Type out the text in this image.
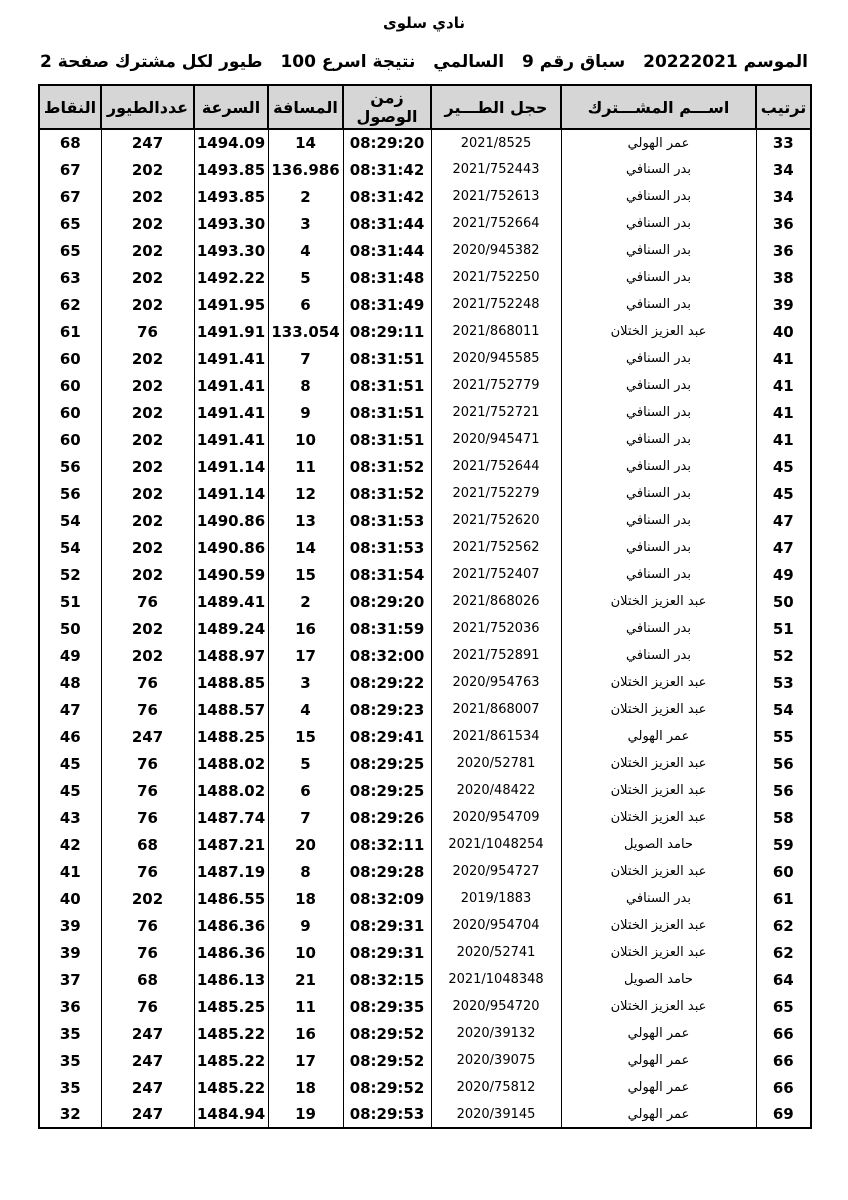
نادي سلوى
الموسم 20222021
سباق رقم 9
السالمي
نتيجة اسرع 100
طيور لكل مشترك صفحة 2
ترتيب	اســـم المشـــترك	حجل الطـــير	زمن الوصول	المسافة	السرعة	عددالطيور	النقاط
33	عمر الهولي	2021/8525	08:29:20	14	1494.09	247	68
34	بدر السنافي	2021/752443	08:31:42	136.986	1493.85	202	67
34	بدر السنافي	2021/752613	08:31:42	2	1493.85	202	67
36	بدر السنافي	2021/752664	08:31:44	3	1493.30	202	65
36	بدر السنافي	2020/945382	08:31:44	4	1493.30	202	65
38	بدر السنافي	2021/752250	08:31:48	5	1492.22	202	63
39	بدر السنافي	2021/752248	08:31:49	6	1491.95	202	62
40	عبد العزيز الختلان	2021/868011	08:29:11	133.054	1491.91	76	61
41	بدر السنافي	2020/945585	08:31:51	7	1491.41	202	60
41	بدر السنافي	2021/752779	08:31:51	8	1491.41	202	60
41	بدر السنافي	2021/752721	08:31:51	9	1491.41	202	60
41	بدر السنافي	2020/945471	08:31:51	10	1491.41	202	60
45	بدر السنافي	2021/752644	08:31:52	11	1491.14	202	56
45	بدر السنافي	2021/752279	08:31:52	12	1491.14	202	56
47	بدر السنافي	2021/752620	08:31:53	13	1490.86	202	54
47	بدر السنافي	2021/752562	08:31:53	14	1490.86	202	54
49	بدر السنافي	2021/752407	08:31:54	15	1490.59	202	52
50	عبد العزيز الختلان	2021/868026	08:29:20	2	1489.41	76	51
51	بدر السنافي	2021/752036	08:31:59	16	1489.24	202	50
52	بدر السنافي	2021/752891	08:32:00	17	1488.97	202	49
53	عبد العزيز الختلان	2020/954763	08:29:22	3	1488.85	76	48
54	عبد العزيز الختلان	2021/868007	08:29:23	4	1488.57	76	47
55	عمر الهولي	2021/861534	08:29:41	15	1488.25	247	46
56	عبد العزيز الختلان	2020/52781	08:29:25	5	1488.02	76	45
56	عبد العزيز الختلان	2020/48422	08:29:25	6	1488.02	76	45
58	عبد العزيز الختلان	2020/954709	08:29:26	7	1487.74	76	43
59	حامد الصويل	2021/1048254	08:32:11	20	1487.21	68	42
60	عبد العزيز الختلان	2020/954727	08:29:28	8	1487.19	76	41
61	بدر السنافي	2019/1883	08:32:09	18	1486.55	202	40
62	عبد العزيز الختلان	2020/954704	08:29:31	9	1486.36	76	39
62	عبد العزيز الختلان	2020/52741	08:29:31	10	1486.36	76	39
64	حامد الصويل	2021/1048348	08:32:15	21	1486.13	68	37
65	عبد العزيز الختلان	2020/954720	08:29:35	11	1485.25	76	36
66	عمر الهولي	2020/39132	08:29:52	16	1485.22	247	35
66	عمر الهولي	2020/39075	08:29:52	17	1485.22	247	35
66	عمر الهولي	2020/75812	08:29:52	18	1485.22	247	35
69	عمر الهولي	2020/39145	08:29:53	19	1484.94	247	32
